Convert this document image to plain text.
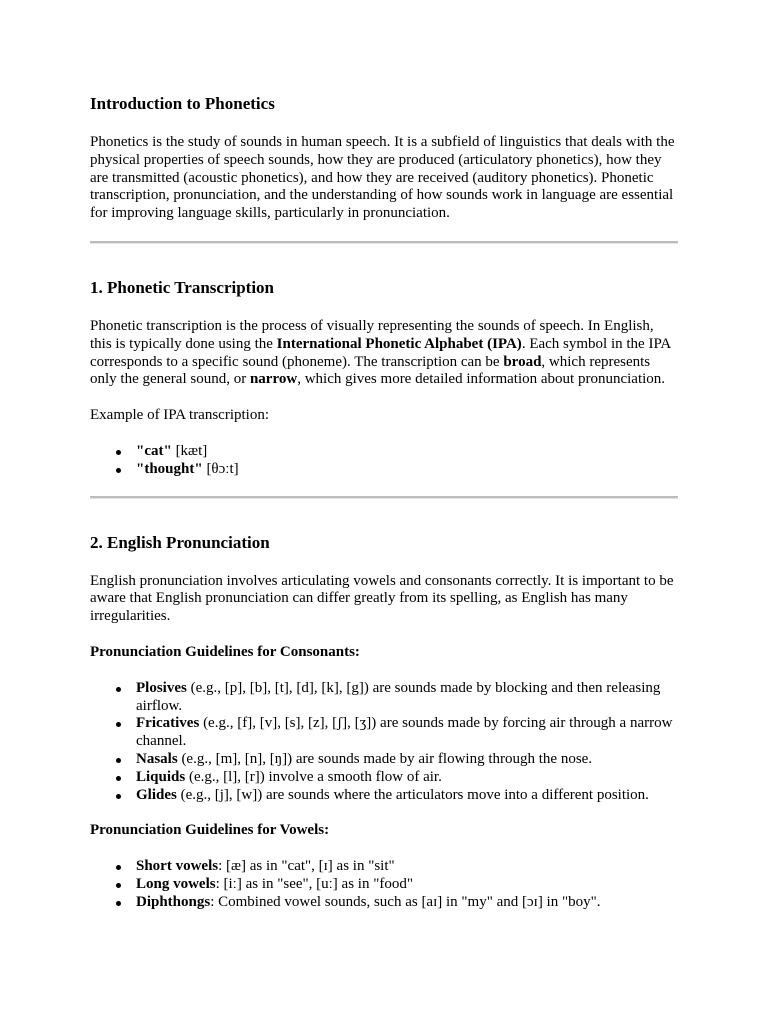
Introduction to Phonetics

Phonetics is the study of sounds in human speech. It is a subfield of linguistics that deals with the physical properties of speech sounds, how they are produced (articulatory phonetics), how they are transmitted (acoustic phonetics), and how they are received (auditory phonetics). Phonetic transcription, pronunciation, and the understanding of how sounds work in language are essential for improving language skills, particularly in pronunciation.

1. Phonetic Transcription

Phonetic transcription is the process of visually representing the sounds of speech. In English, this is typically done using the International Phonetic Alphabet (IPA). Each symbol in the IPA corresponds to a specific sound (phoneme). The transcription can be broad, which represents only the general sound, or narrow, which gives more detailed information about pronunciation.

Example of IPA transcription:

"cat" [kæt]
"thought" [θɔːt]
2. English Pronunciation

English pronunciation involves articulating vowels and consonants correctly. It is important to be aware that English pronunciation can differ greatly from its spelling, as English has many irregularities.

Pronunciation Guidelines for Consonants:

Plosives (e.g., [p], [b], [t], [d], [k], [g]) are sounds made by blocking and then releasing airflow.
Fricatives (e.g., [f], [v], [s], [z], [ʃ], [ʒ]) are sounds made by forcing air through a narrow channel.
Nasals (e.g., [m], [n], [ŋ]) are sounds made by air flowing through the nose.
Liquids (e.g., [l], [r]) involve a smooth flow of air.
Glides (e.g., [j], [w]) are sounds where the articulators move into a different position.

Pronunciation Guidelines for Vowels:

Short vowels: [æ] as in "cat", [ɪ] as in "sit"
Long vowels: [iː] as in "see", [uː] as in "food"
Diphthongs: Combined vowel sounds, such as [aɪ] in "my" and [ɔɪ] in "boy".
